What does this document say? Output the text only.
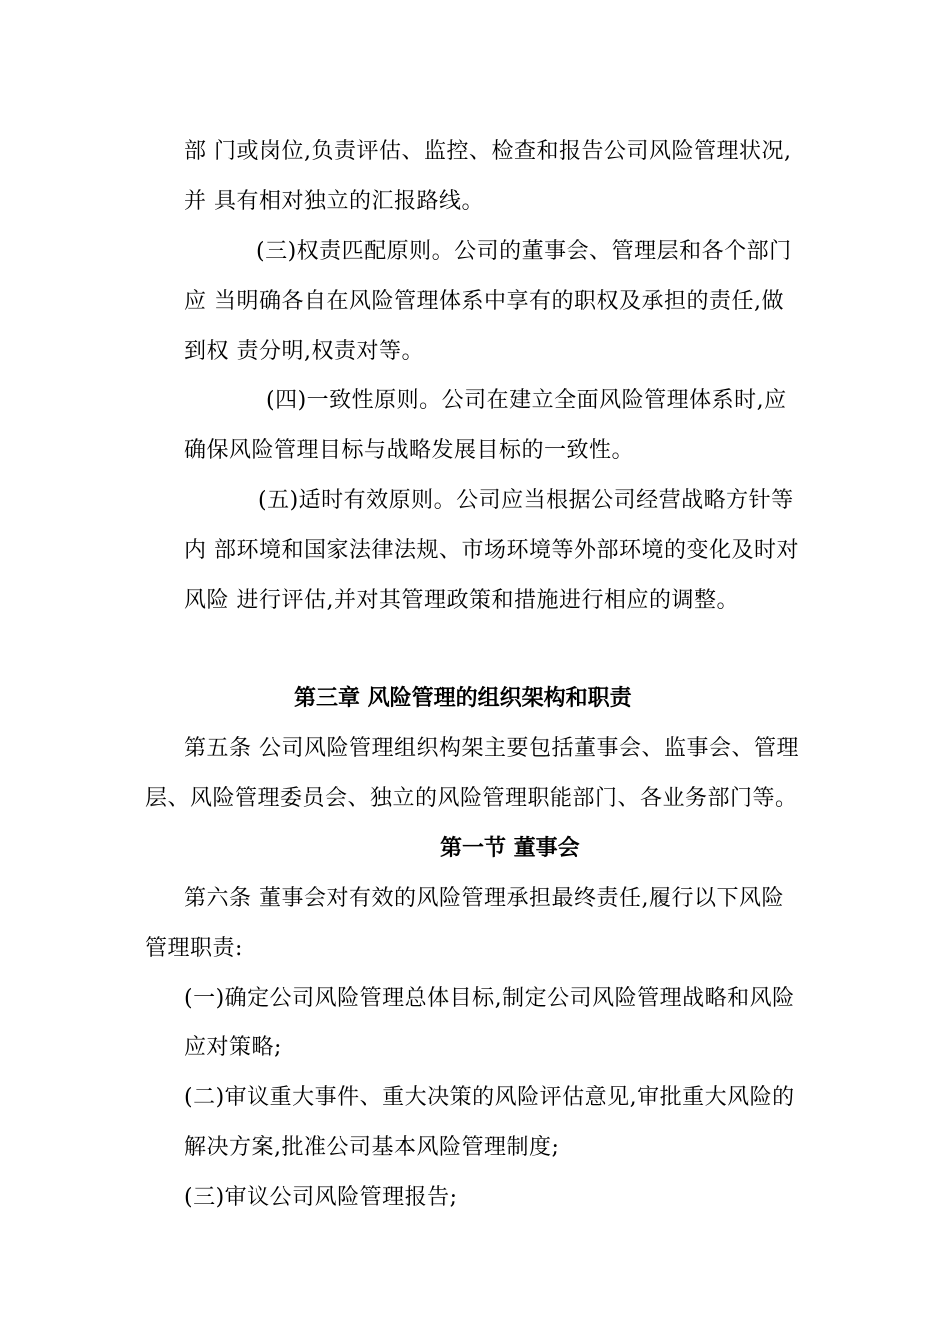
部 门或岗位,负责评估、监控、检查和报告公司风险管理状况,
并 具有相对独立的汇报路线。
(三)权责匹配原则。公司的董事会、管理层和各个部门
应 当明确各自在风险管理体系中享有的职权及承担的责任,做
到权 责分明,权责对等。
(四)一致性原则。公司在建立全面风险管理体系时,应
确保风险管理目标与战略发展目标的一致性。
(五)适时有效原则。公司应当根据公司经营战略方针等
内 部环境和国家法律法规、市场环境等外部环境的变化及时对
风险 进行评估,并对其管理政策和措施进行相应的调整。
第三章 风险管理的组织架构和职责
第五条 公司风险管理组织构架主要包括董事会、监事会、管理
层、风险管理委员会、独立的风险管理职能部门、各业务部门等。
第一节 董事会
第六条 董事会对有效的风险管理承担最终责任,履行以下风险
管理职责:
(一)确定公司风险管理总体目标,制定公司风险管理战略和风险
应对策略;
(二)审议重大事件、重大决策的风险评估意见,审批重大风险的
解决方案,批准公司基本风险管理制度;
(三)审议公司风险管理报告;
